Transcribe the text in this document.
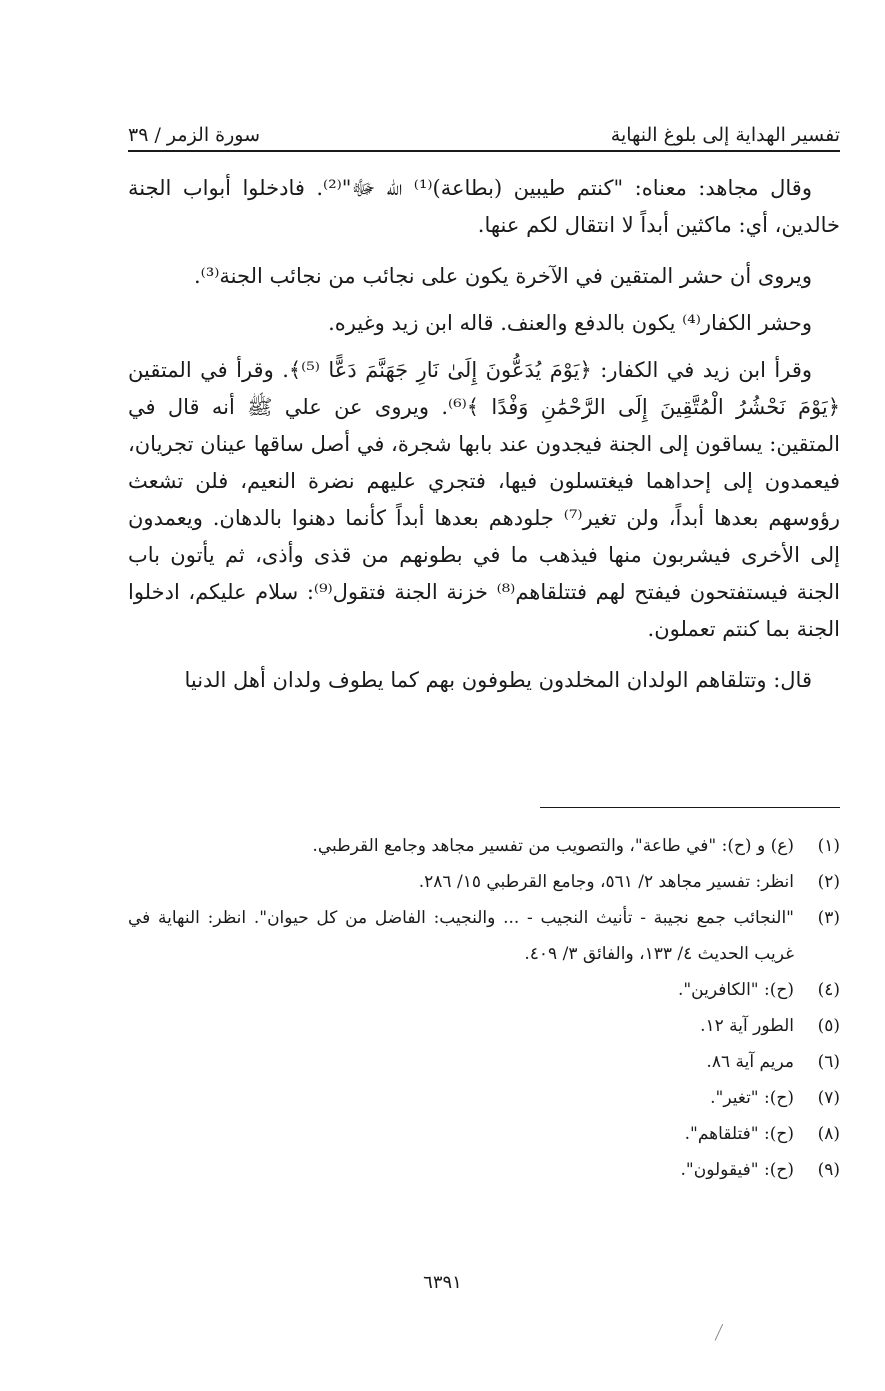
تفسير الهداية إلى بلوغ النهاية
سورة الزمر / ٣٩

وقال مجاهد: معناه: "كنتم طيبين (بطاعة)⁽¹⁾ الله ﷻ"⁽²⁾. فادخلوا أبواب الجنة خالدين، أي: ماكثين أبداً لا انتقال لكم عنها.

ويروى أن حشر المتقين في الآخرة يكون على نجائب من نجائب الجنة⁽³⁾.

وحشر الكفار⁽⁴⁾ يكون بالدفع والعنف. قاله ابن زيد وغيره.

وقرأ ابن زيد في الكفار: ﴿يَوْمَ يُدَعُّونَ إِلَىٰ نَارِ جَهَنَّمَ دَعًّا ⁽⁵⁾﴾. وقرأ في المتقين ﴿يَوْمَ نَحْشُرُ الْمُتَّقِينَ إِلَى الرَّحْمَٰنِ وَفْدًا ﴾⁽⁶⁾. ويروى عن علي ﷺ أنه قال في المتقين: يساقون إلى الجنة فيجدون عند بابها شجرة، في أصل ساقها عينان تجريان، فيعمدون إلى إحداهما فيغتسلون فيها، فتجري عليهم نضرة النعيم، فلن تشعث رؤوسهم بعدها أبداً، ولن تغير⁽⁷⁾ جلودهم بعدها أبداً كأنما دهنوا بالدهان. ويعمدون إلى الأخرى فيشربون منها فيذهب ما في بطونهم من قذى وأذى، ثم يأتون باب الجنة فيستفتحون فيفتح لهم فتتلقاهم⁽⁸⁾ خزنة الجنة فتقول⁽⁹⁾: سلام عليكم، ادخلوا الجنة بما كنتم تعملون.

قال: وتتلقاهم الولدان المخلدون يطوفون بهم كما يطوف ولدان أهل الدنيا

(١)
(ع) و (ح): "في طاعة"، والتصويب من تفسير مجاهد وجامع القرطبي.
(٢)
انظر: تفسير مجاهد ٢/ ٥٦١، وجامع القرطبي ١٥/ ٢٨٦.
(٣)
"النجائب جمع نجيبة - تأنيث النجيب - ... والنجيب: الفاضل من كل حيوان". انظر: النهاية في غريب الحديث ٤/ ١٣٣، والفائق ٣/ ٤٠٩.
(٤)
(ح): "الكافرين".
(٥)
الطور آية ١٢.
(٦)
مريم آية ٨٦.
(٧)
(ح): "تغير".
(٨)
(ح): "فتلقاهم".
(٩)
(ح): "فيقولون".
٦٣٩١
